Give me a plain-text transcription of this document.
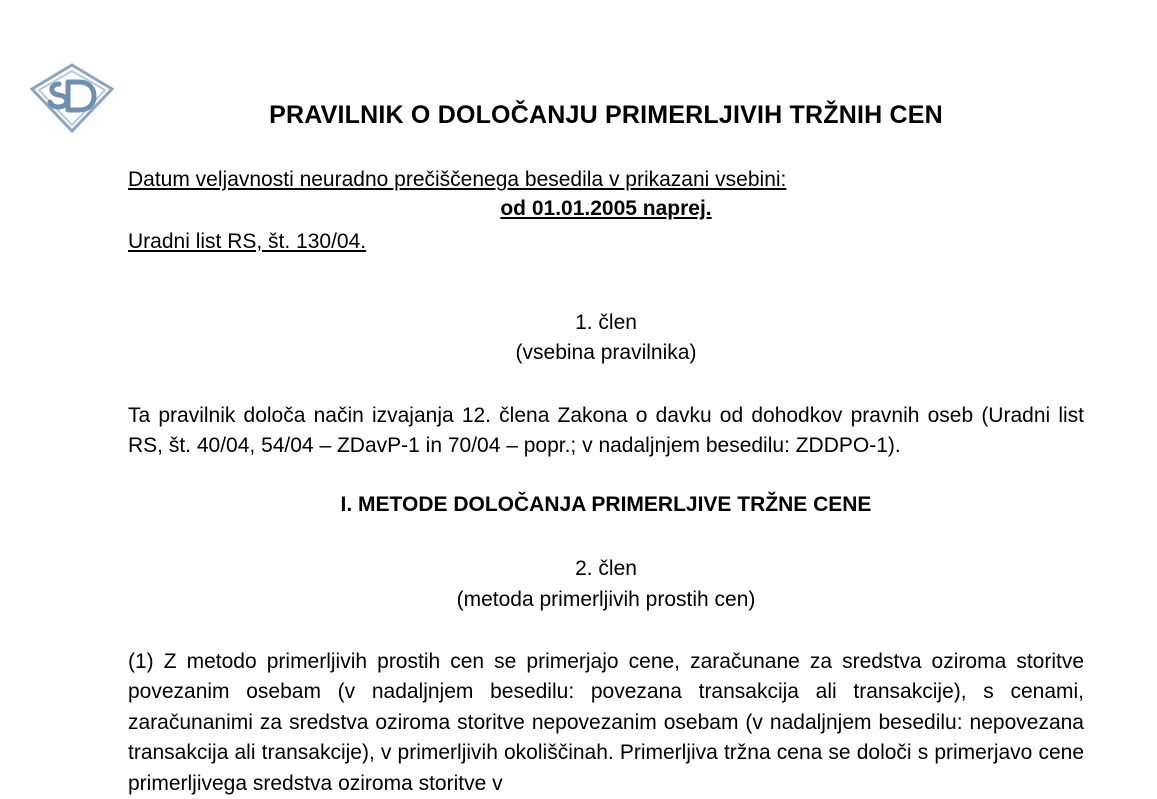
PRAVILNIK O DOLOČANJU PRIMERLJIVIH TRŽNIH CEN

Datum veljavnosti neuradno prečiščenega besedila v prikazani vsebini:

od 01.01.2005 naprej.

Uradni list RS, št. 130/04.

1. člen

(vsebina pravilnika)

Ta pravilnik določa način izvajanja 12. člena Zakona o davku od dohodkov pravnih oseb (Uradni list RS, št. 40/04, 54/04 – ZDavP-1 in 70/04 – popr.; v nadaljnjem besedilu: ZDDPO-1).

I. METODE DOLOČANJA PRIMERLJIVE TRŽNE CENE

2. člen

(metoda primerljivih prostih cen)

(1) Z metodo primerljivih prostih cen se primerjajo cene, zaračunane za sredstva oziroma storitve povezanim osebam (v nadaljnjem besedilu: povezana transakcija ali transakcije), s cenami, zaračunanimi za sredstva oziroma storitve nepovezanim osebam (v nadaljnjem besedilu: nepovezana transakcija ali transakcije), v primerljivih okoliščinah. Primerljiva tržna cena se določi s primerjavo cene primerljivega sredstva oziroma storitve v
